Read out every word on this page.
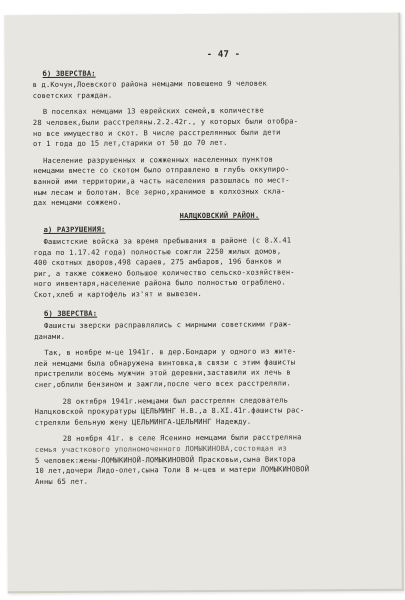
- 47 -
б) ЗВЕРСТВА:
в д.Кочун,Лоевского района немцами повешено 9 человек
советских граждан.
В поселках немцами 13 еврейских семей,в количестве
28 человек,были расстреляны.2.2.42г., у которых были отобра-
но все имущество и скот. В числе расстрелянных были дети
от 1 года до 15 лет,старики от 50 до 70 лет.
Население разрушенных и сожженных населенных пунктов
немцами вместе со скотом было отправлено в глубь оккупиро-
ванной ими территории,а часть населения разошлась по мест-
ным лесам и болотам. Все зерно,хранимое в колхозных скла-
дах немцами сожжено.
НАЛЦКОВСКИЙ РАЙОН.
а) РАЗРУШЕНИЯ:
Фашистские войска за время пребывания в районе (с 8.X.41
года по 1.17.42 года) полностью сожгли 2250 жилых домов,
400 скотных дворов,498 сараев, 275 амбаров, 196 банков и
риг, а также сожжено большое количество сельско-хозяйствен-
ного инвентаря,население района было полностью ограблено.
Скот,хлеб и картофель из'ят и вывезен.
б) ЗВЕРСТВА:
Фашисты зверски расправлялись с мирными советскими граж-
данами.
Так, в ноябре м-це 1941г. в дер.Бондари у одного из жите-
лей немцами была обнаружена винтовка,в связи с этим фашисты
пристрелили восемь мужчин этой деревни,заставили их лечь в
снег,облили бензином и зажгли,после чего всех расстреляли.
28 октября 1941г.немцами был расстрелян следователь
Налцковской прокуратуры ЦЕЛЬМИНГ Н.В.,а 8.XI.41г.фашисты рас-
стреляли бельную жену ЦЕЛЬМИНГА-ЦЕЛЬМИНГ Надежду.
28 ноября 41г. в селе Ясенино немцами были расстреляна
семья участкового уполномоченного ЛОМЫКИНОВА,состоящая из
5 человек:жены-ЛОМЫКИНОЙ-ЛОМЫКИНОВОЙ Прасковьи,сына Виктора
10 лет,дочери Лидо-олет,сына Толи 8 м-цев и матери ЛОМЫКИНОВОЙ
Анны 65 лет.
